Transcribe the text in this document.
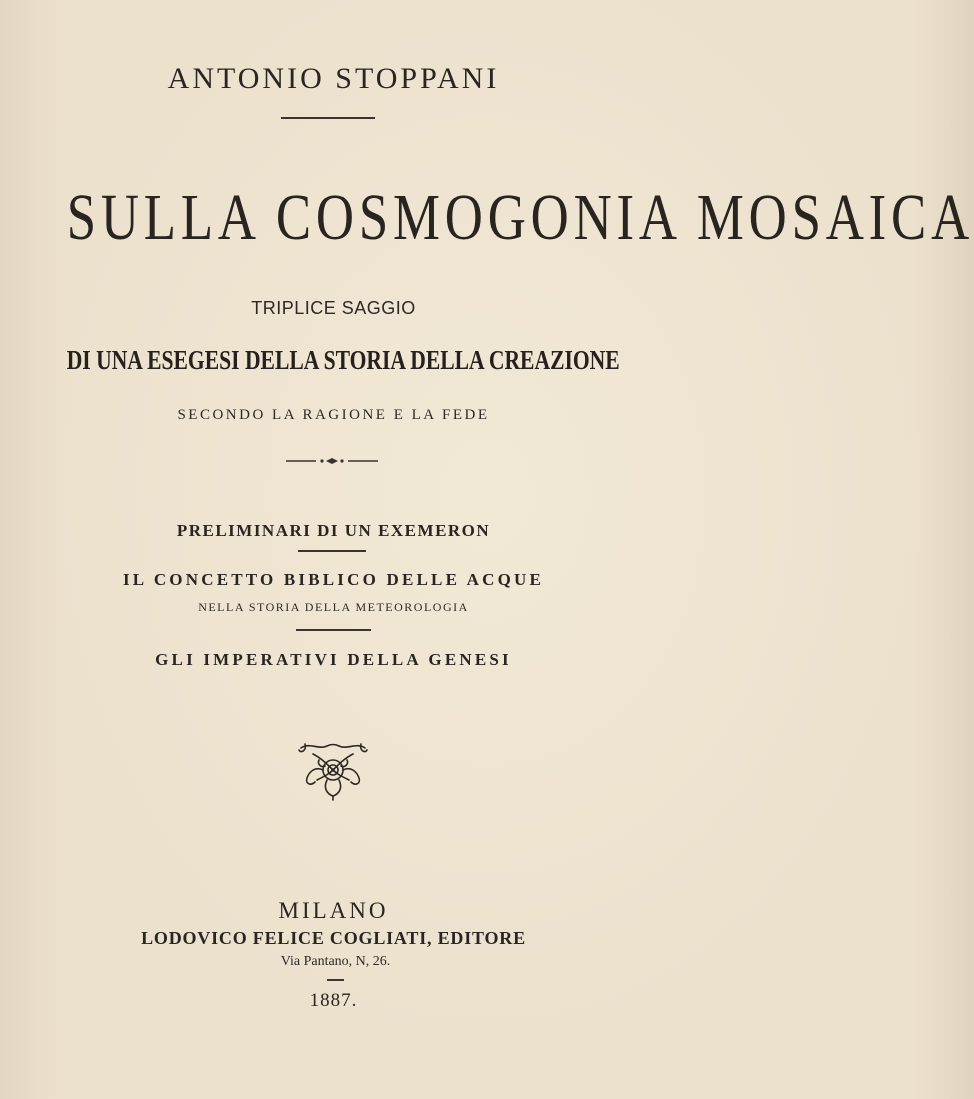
ANTONIO STOPPANI

SULLA COSMOGONIA MOSAICA

TRIPLICE SAGGIO

DI UNA ESEGESI DELLA STORIA DELLA CREAZIONE

SECONDO LA RAGIONE E LA FEDE

PRELIMINARI DI UN EXEMERON

IL CONCETTO BIBLICO DELLE ACQUE

NELLA STORIA DELLA METEOROLOGIA

GLI IMPERATIVI DELLA GENESI

MILANO

LODOVICO FELICE COGLIATI, EDITORE

Via Pantano, N, 26.

1887.
